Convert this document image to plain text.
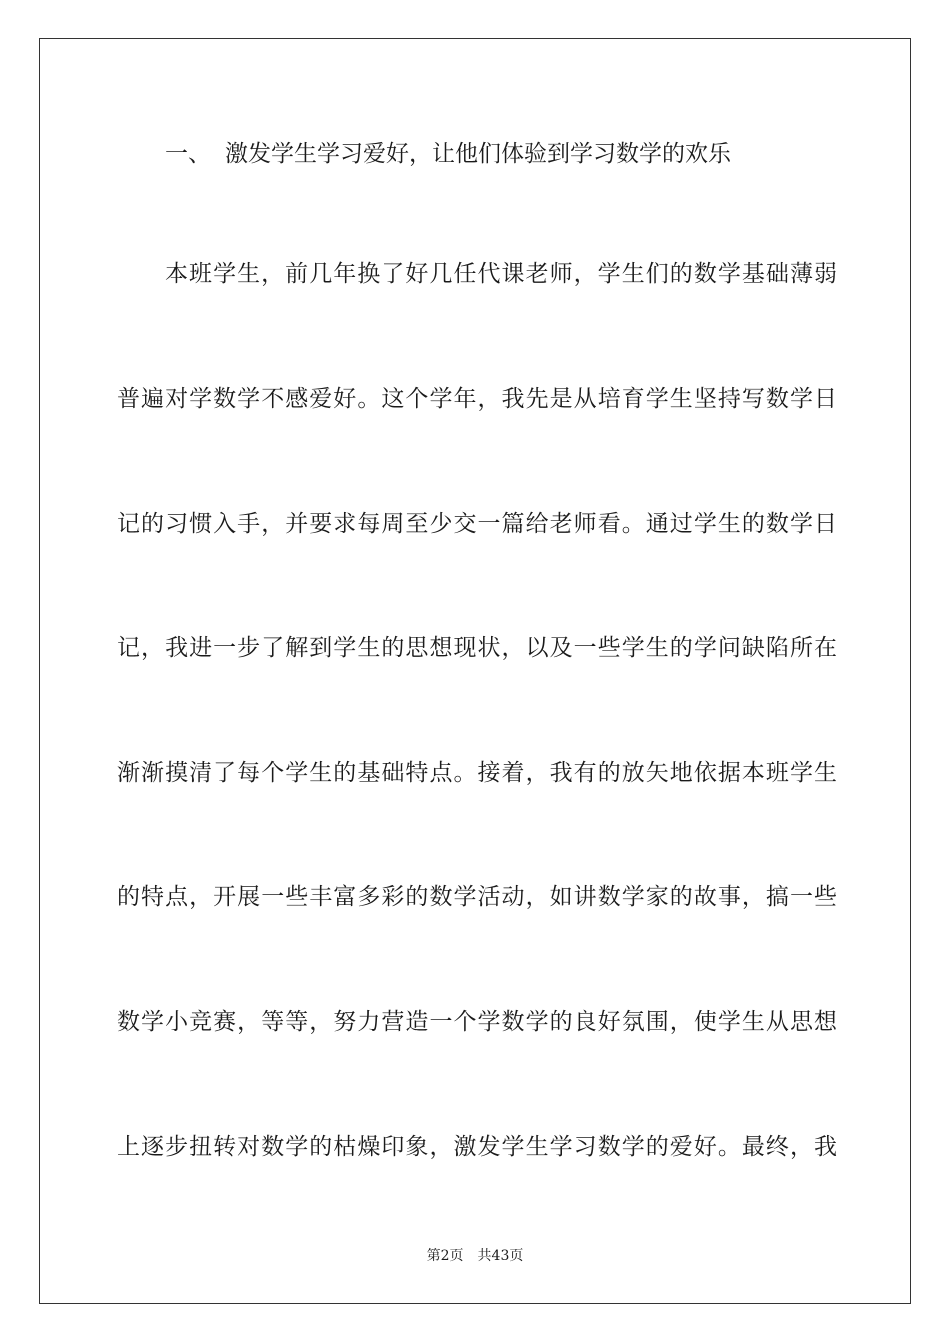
一、 激发学生学习爱好，让他们体验到学习数学的欢乐
本班学生，前几年换了好几任代课老师，学生们的数学基础薄弱
普遍对学数学不感爱好。这个学年，我先是从培育学生坚持写数学日
记的习惯入手，并要求每周至少交一篇给老师看。通过学生的数学日
记，我进一步了解到学生的思想现状，以及一些学生的学问缺陷所在
渐渐摸清了每个学生的基础特点。接着，我有的放矢地依据本班学生
的特点，开展一些丰富多彩的数学活动，如讲数学家的故事，搞一些
数学小竞赛，等等，努力营造一个学数学的良好氛围，使学生从思想
上逐步扭转对数学的枯燥印象，激发学生学习数学的爱好。最终，我
第2页 共43页
